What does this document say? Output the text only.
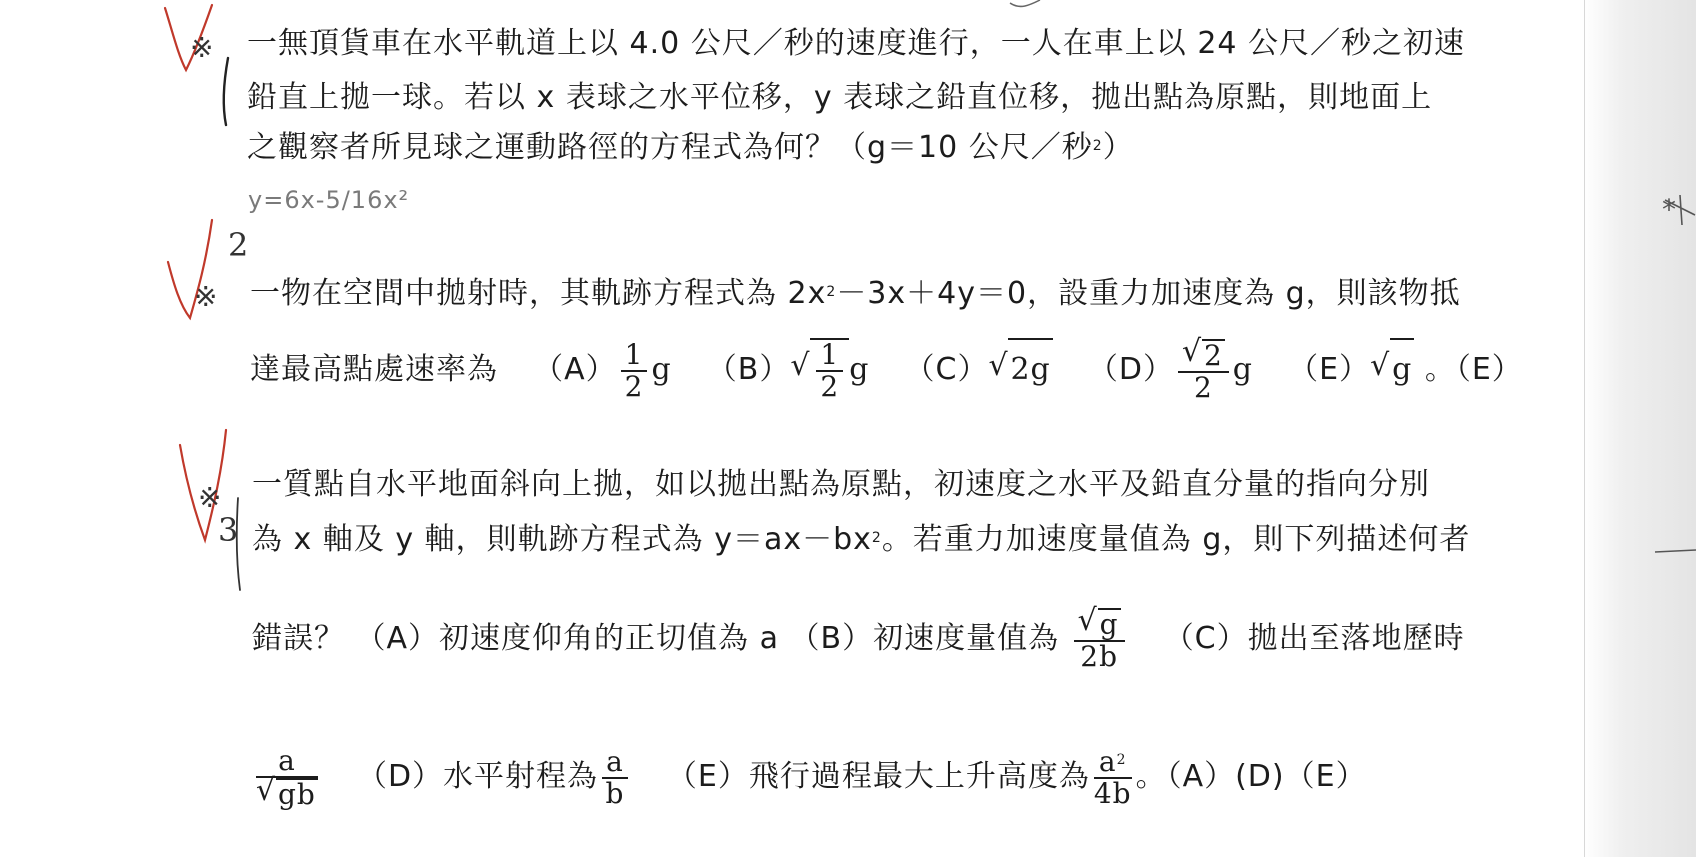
2
3
*
※ 一無頂貨車在水平軌道上以 4.0 公尺／秒的速度進行，一人在車上以 24 公尺／秒之初速
鉛直上拋一球。若以 x 表球之水平位移，y 表球之鉛直位移，拋出點為原點，則地面上
之觀察者所見球之運動路徑的方程式為何？（g＝10 公尺／秒$^2$）
y=6x-5/16x²
※ 一物在空間中拋射時，其軌跡方程式為 $2x^2-3x+4y=0$，設重力加速度為 g，則該物抵
達最高點處速率為 $(A) \frac{1}{2}$ g （B） √ $\frac{1}{2}$ g （C） √ 2g （D） √ $\frac{2}{2}$ g （E） √ g 。（E）
※ 一質點自水平地面斜向上拋，如以拋出點為原點，初速度之水平及鉛直分量的指向分別
為 x 軸及 y 軸，則軌跡方程式為 $y=ax-bx^2$。若重力加速度量值為 g，則下列描述何者
錯誤？ （A）初速度仰角的正切值為 a （B）初速度量值為 √ $\frac{g}{2b} (C)$拋出至落地歷時
a
√ gb （D）水平射程為 $\frac{a}{b} (E)$飛行過程最大上升高度為 $\frac{a^2}{4b}$ 。（A）(D)（E）
